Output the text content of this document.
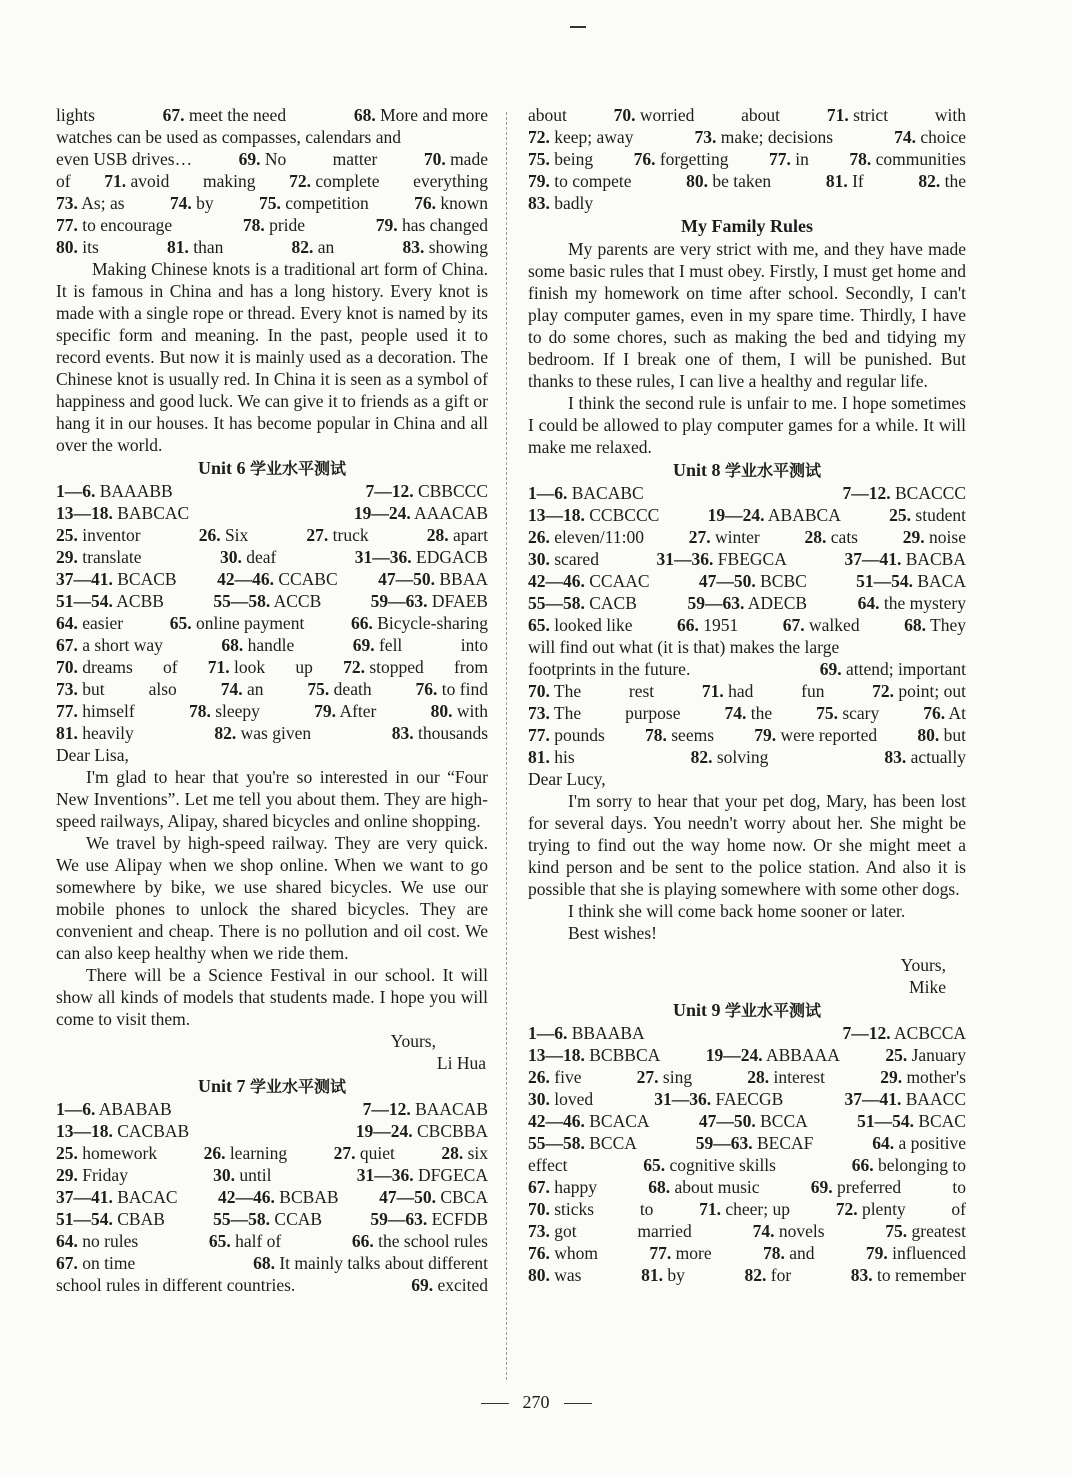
lights	67. meet the need	68. More and more
watches can be used as compasses, calendars and
even USB drives…	69. No	matter	70. made
of 71. avoid making 72. complete everything
73. As; as	74. by	75. competition	76. known
77. to encourage	78. pride	79. has changed
80. its	81. than	82. an	83. showing

Making Chinese knots is a traditional art form of China. It is famous in China and has a long history. Every knot is made with a single rope or thread. Every knot is named by its specific form and meaning. In the past, people used it to record events. But now it is mainly used as a decoration. The Chinese knot is usually red. In China it is seen as a symbol of happiness and good luck. We can give it to friends as a gift or hang it in our houses. It has become popular in China and all over the world.

Unit 6 学业水平测试
1—6. BAAABB	7—12. CBBCCC
13—18. BABCAC	19—24. AAACAB
25. inventor	26. Six	27. truck	28. apart
29. translate	30. deaf	31—36. EDGACB
37—41. BCACB 42—46. CCABC 47—50. BBAA
51—54. ACBB	55—58. ACCB	59—63. DFAEB
64. easier	65. online payment	66. Bicycle-sharing
67. a short way	68. handle	69. fell	into
70. dreams of 71. look up 72. stopped from
73. but	also	74. an	75. death	76. to find
77. himself	78. sleepy	79. After	80. with
81. heavily	82. was given	83. thousands
Dear Lisa,

I'm glad to hear that you're so interested in our “Four New Inventions”. Let me tell you about them. They are high-speed railways, Alipay, shared bicycles and online shopping.

We travel by high-speed railway. They are very quick. We use Alipay when we shop online. When we want to go somewhere by bike, we use shared bicycles. We use our mobile phones to unlock the shared bicycles. They are convenient and cheap. There is no pollution and oil cost. We can also keep healthy when we ride them.

There will be a Science Festival in our school. It will show all kinds of models that students made. I hope you will come to visit them.

Yours,
Li Hua
Unit 7 学业水平测试
1—6. ABABAB	7—12. BAACAB
13—18. CACBAB	19—24. CBCBBA
25. homework	26. learning	27. quiet	28. six
29. Friday	30. until	31—36. DFGECA
37—41. BACAC 42—46. BCBAB 47—50. CBCA
51—54. CBAB	55—58. CCAB	59—63. ECFDB
64. no rules	65. half of	66. the school rules
67. on time	68. It mainly talks about different
school rules in different countries.	69. excited
about	70. worried	about	71. strict	with
72. keep; away	73. make; decisions	74. choice
75. being 76. forgetting 77. in 78. communities
79. to compete	80. be taken	81. If	82. the
83. badly
My Family Rules

My parents are very strict with me, and they have made some basic rules that I must obey. Firstly, I must get home and finish my homework on time after school. Secondly, I can't play computer games, even in my spare time. Thirdly, I have to do some chores, such as making the bed and tidying my bedroom. If I break one of them, I will be punished. But thanks to these rules, I can live a healthy and regular life.

I think the second rule is unfair to me. I hope sometimes I could be allowed to play computer games for a while. It will make me relaxed.

Unit 8 学业水平测试
1—6. BACABC	7—12. BCACCC
13—18. CCBCCC	19—24. ABABCA	25. student
26. eleven/11:00	27. winter	28. cats	29. noise
30. scared	31—36. FBEGCA	37—41. BACBA
42—46. CCAAC	47—50. BCBC	51—54. BACA
55—58. CACB	59—63. ADECB	64. the mystery
65. looked like	66. 1951	67. walked	68. They
will find out what (it is that) makes the large
footprints in the future.	69. attend; important
70. The	rest	71. had	fun	72. point; out
73. The	purpose	74. the	75. scary	76. At
77. pounds 78. seems 79. were reported 80. but
81. his	82. solving	83. actually
Dear Lucy,

I'm sorry to hear that your pet dog, Mary, has been lost for several days. You needn't worry about her. She might be trying to find out the way home now. Or she might meet a kind person and be sent to the police station. And also it is possible that she is playing somewhere with some other dogs.

I think she will come back home sooner or later.

Best wishes!

Yours,
Mike
Unit 9 学业水平测试
1—6. BBAABA	7—12. ACBCCA
13—18. BCBBCA	19—24. ABBAAA	25. January
26. five	27. sing	28. interest	29. mother's
30. loved	31—36. FAECGB	37—41. BAACC
42—46. BCACA	47—50. BCCA	51—54. BCAC
55—58. BCCA	59—63. BECAF	64. a positive
effect	65. cognitive skills	66. belonging to
67. happy	68. about music	69. preferred	to
70. sticks	to	71. cheer; up	72. plenty	of
73. got	married	74. novels	75. greatest
76. whom	77. more	78. and	79. influenced
80. was	81. by	82. for	83. to remember
270
